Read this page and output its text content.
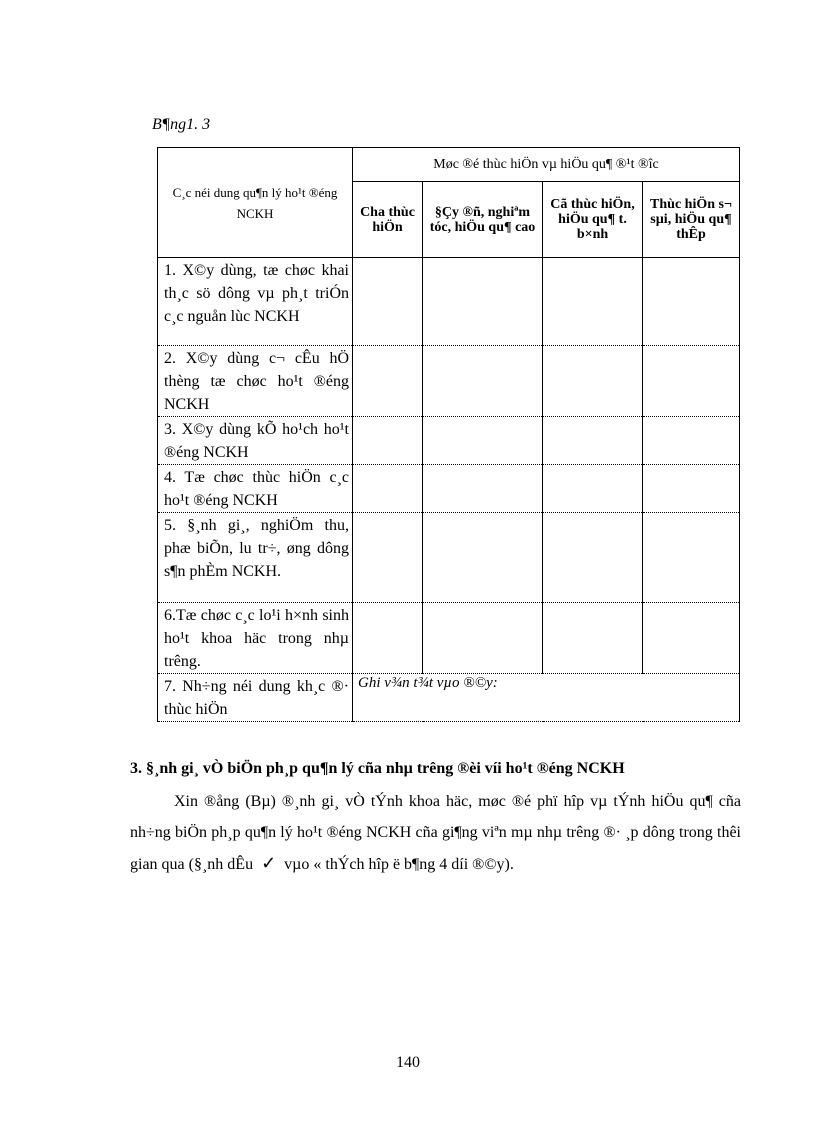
B¶ng1. 3
C¸c néi dung qu¶n lý ho¹t ®éng NCKH	Møc ®é thùc hiÖn vµ hiÖu qu¶ ®¹t ®îc			
	Cha thùc hiÖn	§Çy ®ñ, nghiªm tóc, hiÖu qu¶ cao	Cã thùc hiÖn, hiÖu qu¶ t. b×nh	Thùc hiÖn s¬ sµi, hiÖu qu¶ thÊp
1. X©y dùng, tæ chøc khai th¸c sö dông vµ ph¸t triÓn c¸c nguån lùc NCKH				
2. X©y dùng c¬ cÊu hÖ thèng tæ chøc ho¹t ®éng NCKH				
3. X©y dùng kÕ ho¹ch ho¹t ®éng NCKH				
4. Tæ chøc thùc hiÖn c¸c ho¹t ®éng NCKH				
5. §¸nh gi¸, nghiÖm thu, phæ biÕn, lu tr÷, øng dông s¶n phÈm NCKH.				
6.Tæ chøc c¸c lo¹i h×nh sinh ho¹t khoa häc trong nhµ trêng.				
7. Nh÷ng néi dung kh¸c ®· thùc hiÖn	Ghi v¾n t¾t vµo ®©y:			
3. §¸nh gi¸ vÒ biÖn ph¸p qu¶n lý cña nhµ trêng ®èi víi ho¹t ®éng NCKH
Xin ®ång (Bµ) ®¸nh gi¸ vÒ tÝnh khoa häc, møc ®é phï hîp vµ tÝnh hiÖu qu¶ cña nh÷ng biÖn ph¸p qu¶n lý ho¹t ®éng NCKH cña gi¶ng viªn mµ nhµ trêng ®· ¸p dông trong thêi gian qua (§¸nh dÊu ✓ vµo « thÝch hîp ë b¶ng 4 díi ®©y).
140
